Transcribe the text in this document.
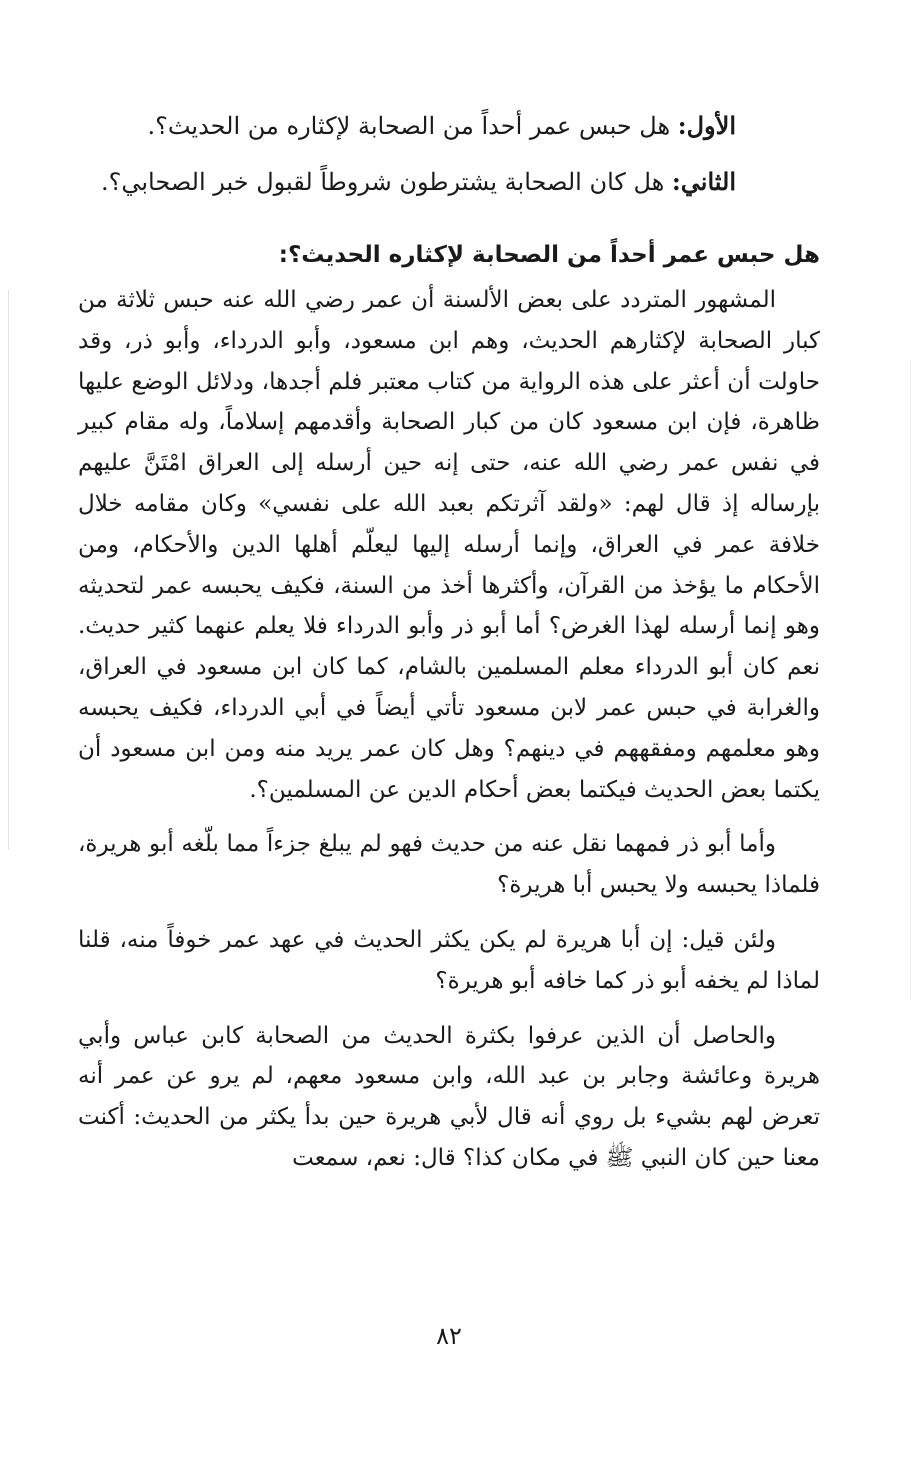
الأول: هل حبس عمر أحداً من الصحابة لإكثاره من الحديث؟.
الثاني: هل كان الصحابة يشترطون شروطاً لقبول خبر الصحابي؟.
هل حبس عمر أحداً من الصحابة لإكثاره الحديث؟:

المشهور المتردد على بعض الألسنة أن عمر رضي الله عنه حبس ثلاثة من كبار الصحابة لإكثارهم الحديث، وهم ابن مسعود، وأبو الدرداء، وأبو ذر، وقد حاولت أن أعثر على هذه الرواية من كتاب معتبر فلم أجدها، ودلائل الوضع عليها ظاهرة، فإن ابن مسعود كان من كبار الصحابة وأقدمهم إسلاماً، وله مقام كبير في نفس عمر رضي الله عنه، حتى إنه حين أرسله إلى العراق امْتَنَّ عليهم بإرساله إذ قال لهم: «ولقد آثرتكم بعبد الله على نفسي» وكان مقامه خلال خلافة عمر في العراق، وإنما أرسله إليها ليعلّم أهلها الدين والأحكام، ومن الأحكام ما يؤخذ من القرآن، وأكثرها أخذ من السنة، فكيف يحبسه عمر لتحديثه وهو إنما أرسله لهذا الغرض؟ أما أبو ذر وأبو الدرداء فلا يعلم عنهما كثير حديث. نعم كان أبو الدرداء معلم المسلمين بالشام، كما كان ابن مسعود في العراق، والغرابة في حبس عمر لابن مسعود تأتي أيضاً في أبي الدرداء، فكيف يحبسه وهو معلمهم ومفقههم في دينهم؟ وهل كان عمر يريد منه ومن ابن مسعود أن يكتما بعض الحديث فيكتما بعض أحكام الدين عن المسلمين؟.

وأما أبو ذر فمهما نقل عنه من حديث فهو لم يبلغ جزءاً مما بلّغه أبو هريرة، فلماذا يحبسه ولا يحبس أبا هريرة؟

ولئن قيل: إن أبا هريرة لم يكن يكثر الحديث في عهد عمر خوفاً منه، قلنا لماذا لم يخفه أبو ذر كما خافه أبو هريرة؟

والحاصل أن الذين عرفوا بكثرة الحديث من الصحابة كابن عباس وأبي هريرة وعائشة وجابر بن عبد الله، وابن مسعود معهم، لم يرو عن عمر أنه تعرض لهم بشيء بل روي أنه قال لأبي هريرة حين بدأ يكثر من الحديث: أكنت معنا حين كان النبي ﷺ في مكان كذا؟ قال: نعم، سمعت

٨٢
